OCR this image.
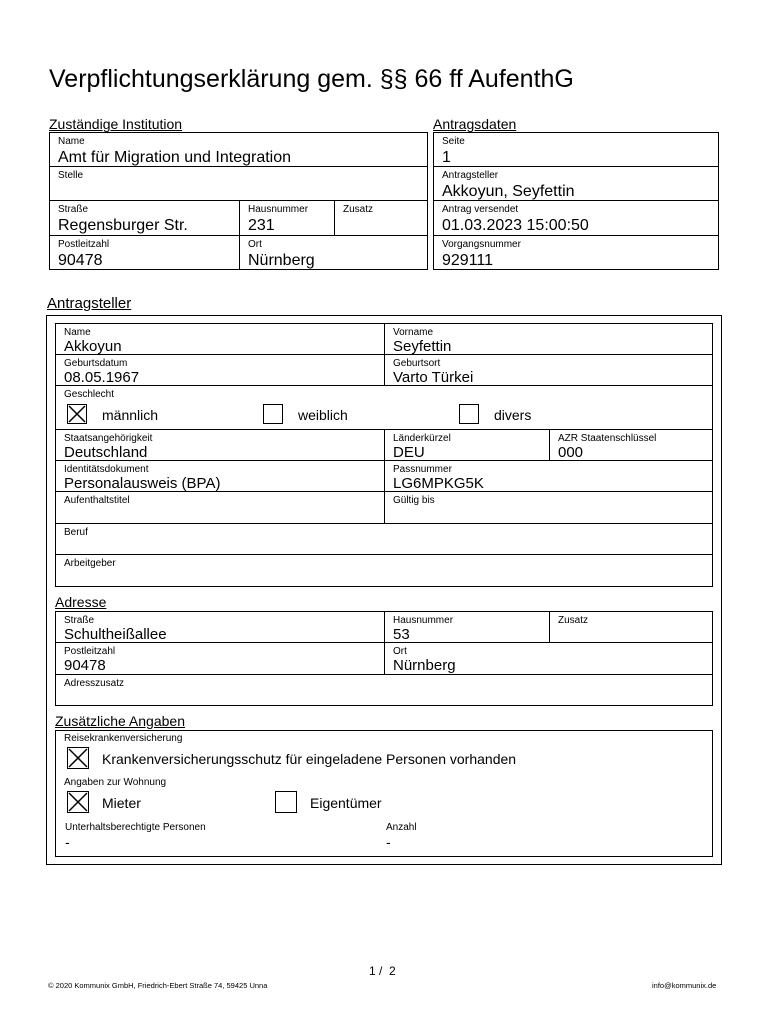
Verpflichtungserklärung gem. §§ 66 ff AufenthG
Zuständige Institution
Name
Amt für Migration und Integration
Stelle
Straße
Regensburger Str.
Hausnummer
231
Zusatz
Postleitzahl
90478
Ort
Nürnberg
Antragsdaten
Seite
1
Antragsteller
Akkoyun, Seyfettin
Antrag versendet
01.03.2023 15:00:50
Vorgangsnummer
929111
Antragsteller
Name
Akkoyun
Vorname
Seyfettin
Geburtsdatum
08.05.1967
Geburtsort
Varto Türkei
Geschlecht
männlich	weiblich	divers
Staatsangehörigkeit
Deutschland
Länderkürzel
DEU
AZR Staatenschlüssel
000
Identitätsdokument
Personalausweis (BPA)
Passnummer
LG6MPKG5K
Aufenthaltstitel	Gültig bis
Beruf
Arbeitgeber
Adresse
Straße
Schultheißallee
Hausnummer
53
Zusatz
Postleitzahl
90478
Ort
Nürnberg
Adresszusatz
Zusätzliche Angaben
Reisekrankenversicherung
Krankenversicherungsschutz für eingeladene Personen vorhanden
Angaben zur Wohnung
Mieter	Eigentümer
Unterhaltsberechtigte Personen
-
Anzahl
-
1 /  2
© 2020 Kommunix GmbH, Friedrich-Ebert Straße 74, 59425 Unna	info@kommunix.de
